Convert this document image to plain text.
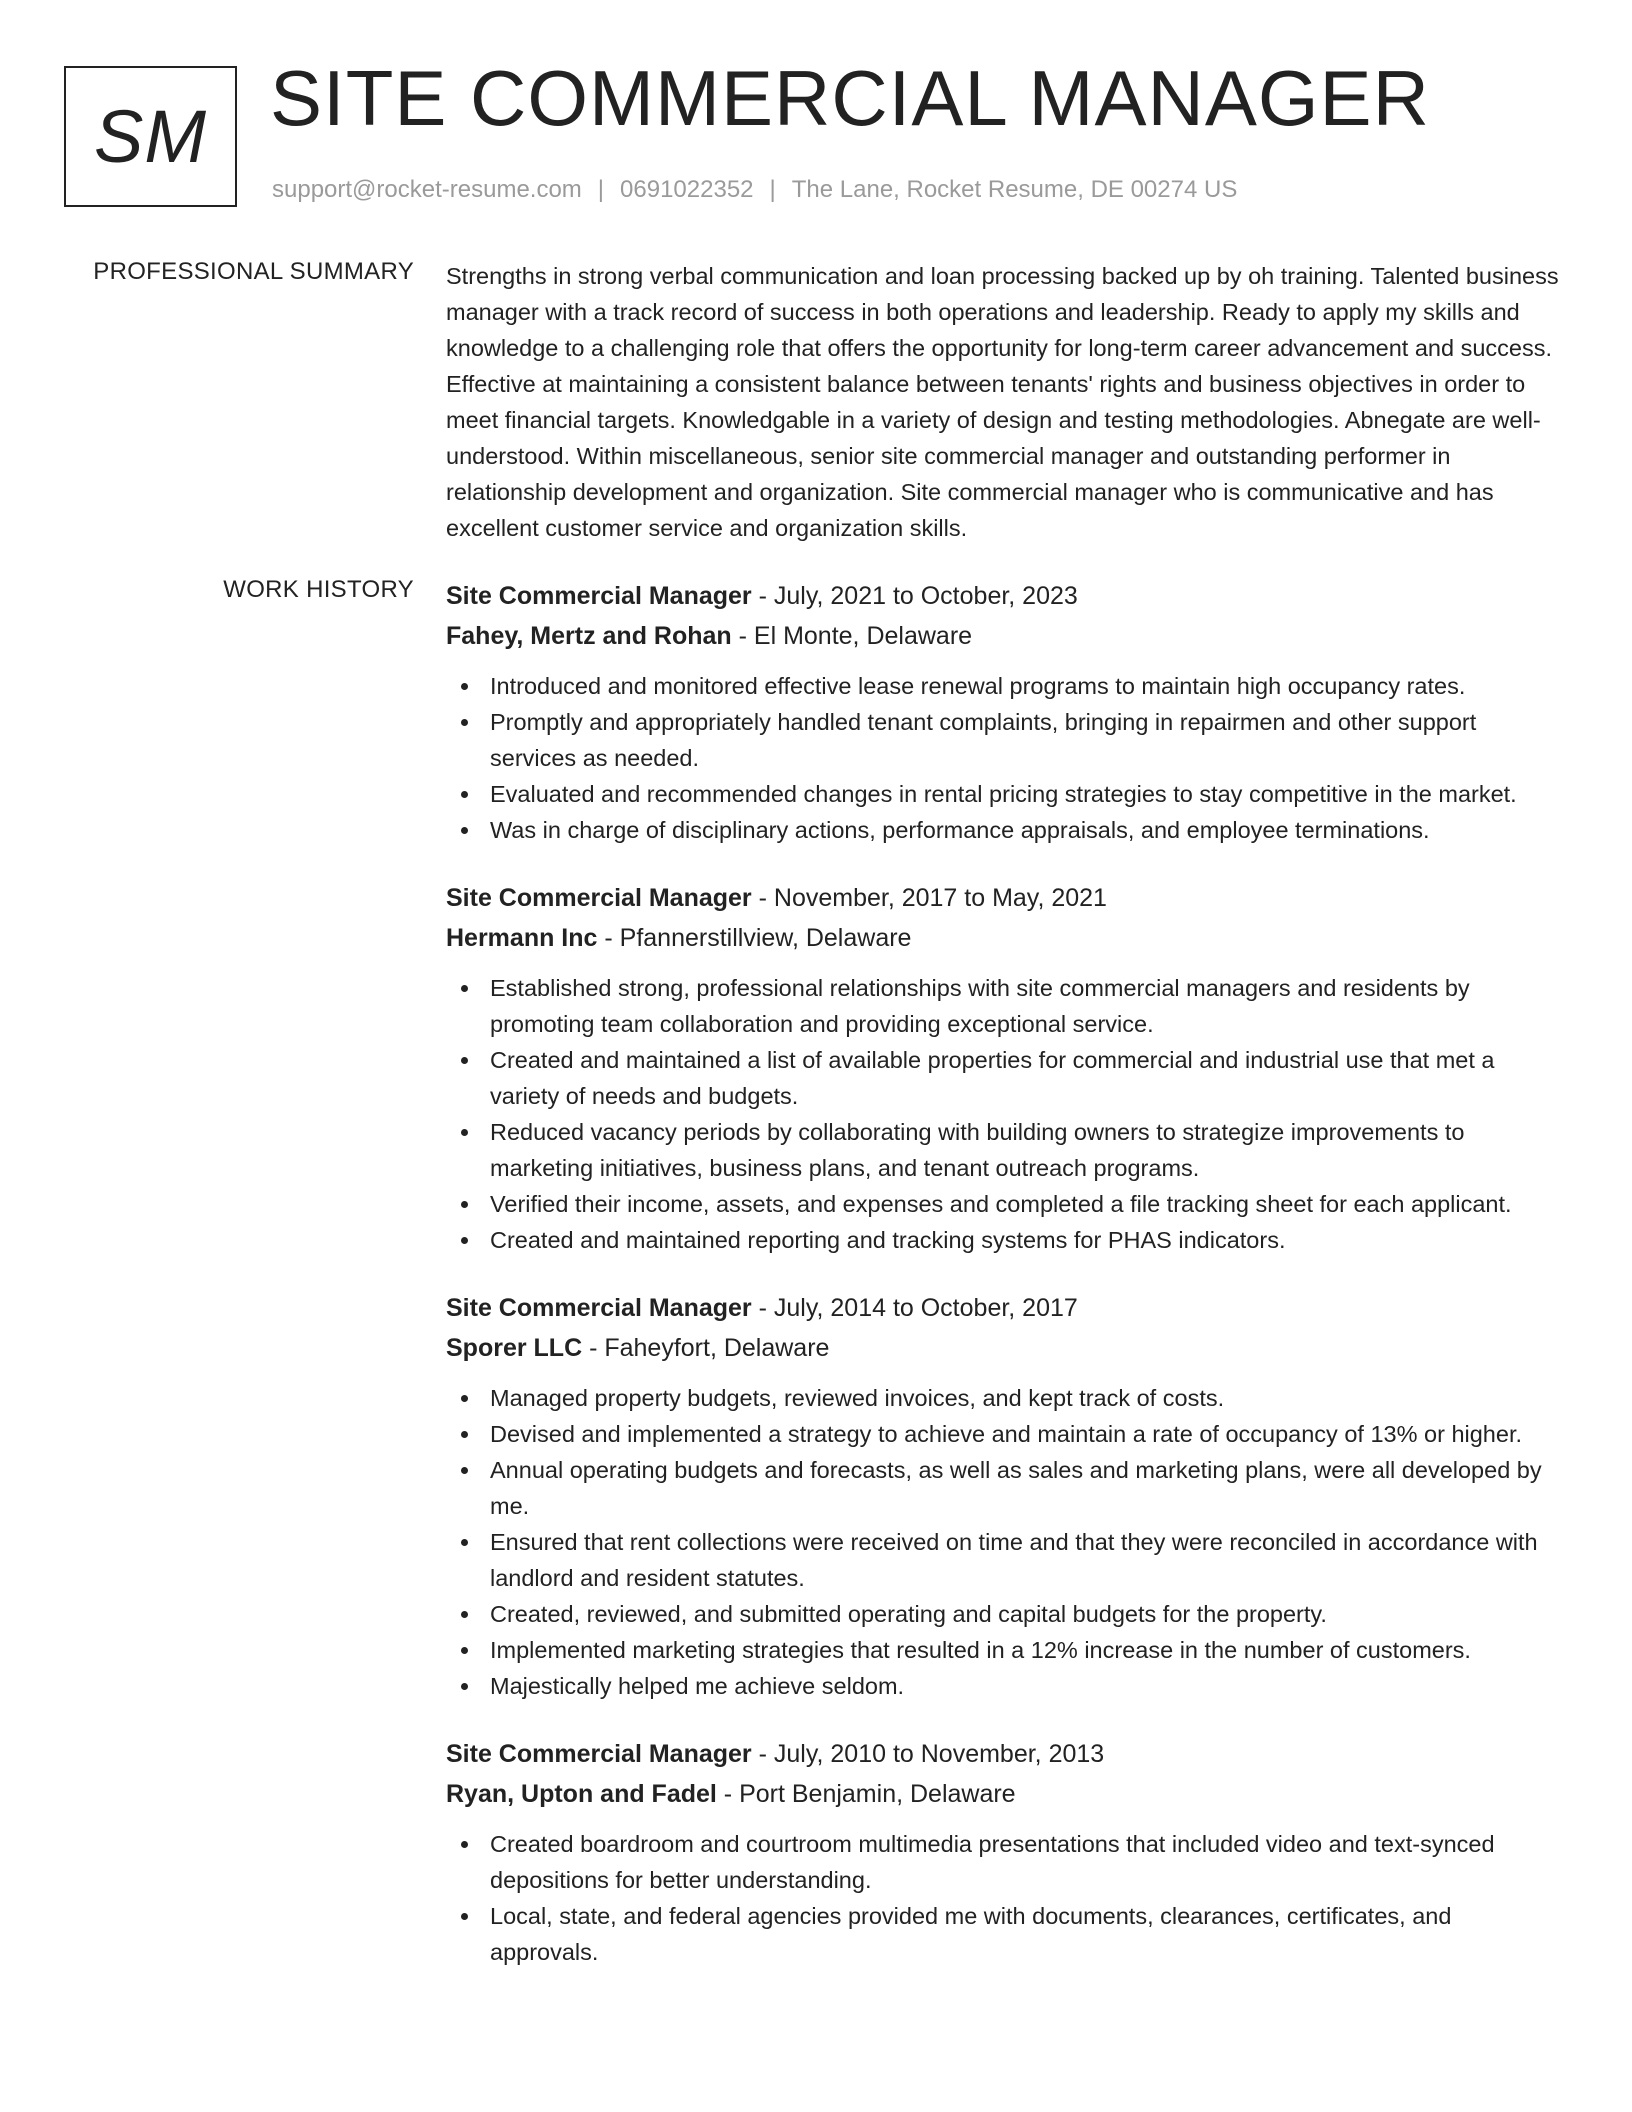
SM SITE COMMERCIAL MANAGER
support@rocket-resume.com | 0691022352 | The Lane, Rocket Resume, DE 00274 US
PROFESSIONAL SUMMARY Strengths in strong verbal communication and loan processing backed up by oh training. Talented business manager with a track record of success in both operations and leadership. Ready to apply my skills and knowledge to a challenging role that offers the opportunity for long-term career advancement and success. Effective at maintaining a consistent balance between tenants' rights and business objectives in order to meet financial targets. Knowledgable in a variety of design and testing methodologies. Abnegate are well-understood. Within miscellaneous, senior site commercial manager and outstanding performer in relationship development and organization. Site commercial manager who is communicative and has excellent customer service and organization skills.

WORK HISTORY Site Commercial Manager - July, 2021 to October, 2023
Fahey, Mertz and Rohan - El Monte, Delaware
Introduced and monitored effective lease renewal programs to maintain high occupancy rates.
Promptly and appropriately handled tenant complaints, bringing in repairmen and other support services as needed.
Evaluated and recommended changes in rental pricing strategies to stay competitive in the market.
Was in charge of disciplinary actions, performance appraisals, and employee terminations.
Site Commercial Manager - November, 2017 to May, 2021
Hermann Inc - Pfannerstillview, Delaware
Established strong, professional relationships with site commercial managers and residents by promoting team collaboration and providing exceptional service.
Created and maintained a list of available properties for commercial and industrial use that met a variety of needs and budgets.
Reduced vacancy periods by collaborating with building owners to strategize improvements to marketing initiatives, business plans, and tenant outreach programs.
Verified their income, assets, and expenses and completed a file tracking sheet for each applicant.
Created and maintained reporting and tracking systems for PHAS indicators.
Site Commercial Manager - July, 2014 to October, 2017
Sporer LLC - Faheyfort, Delaware
Managed property budgets, reviewed invoices, and kept track of costs.
Devised and implemented a strategy to achieve and maintain a rate of occupancy of 13% or higher.
Annual operating budgets and forecasts, as well as sales and marketing plans, were all developed by me.
Ensured that rent collections were received on time and that they were reconciled in accordance with landlord and resident statutes.
Created, reviewed, and submitted operating and capital budgets for the property.
Implemented marketing strategies that resulted in a 12% increase in the number of customers.
Majestically helped me achieve seldom.
Site Commercial Manager - July, 2010 to November, 2013
Ryan, Upton and Fadel - Port Benjamin, Delaware
Created boardroom and courtroom multimedia presentations that included video and text-synced depositions for better understanding.
Local, state, and federal agencies provided me with documents, clearances, certificates, and approvals.
